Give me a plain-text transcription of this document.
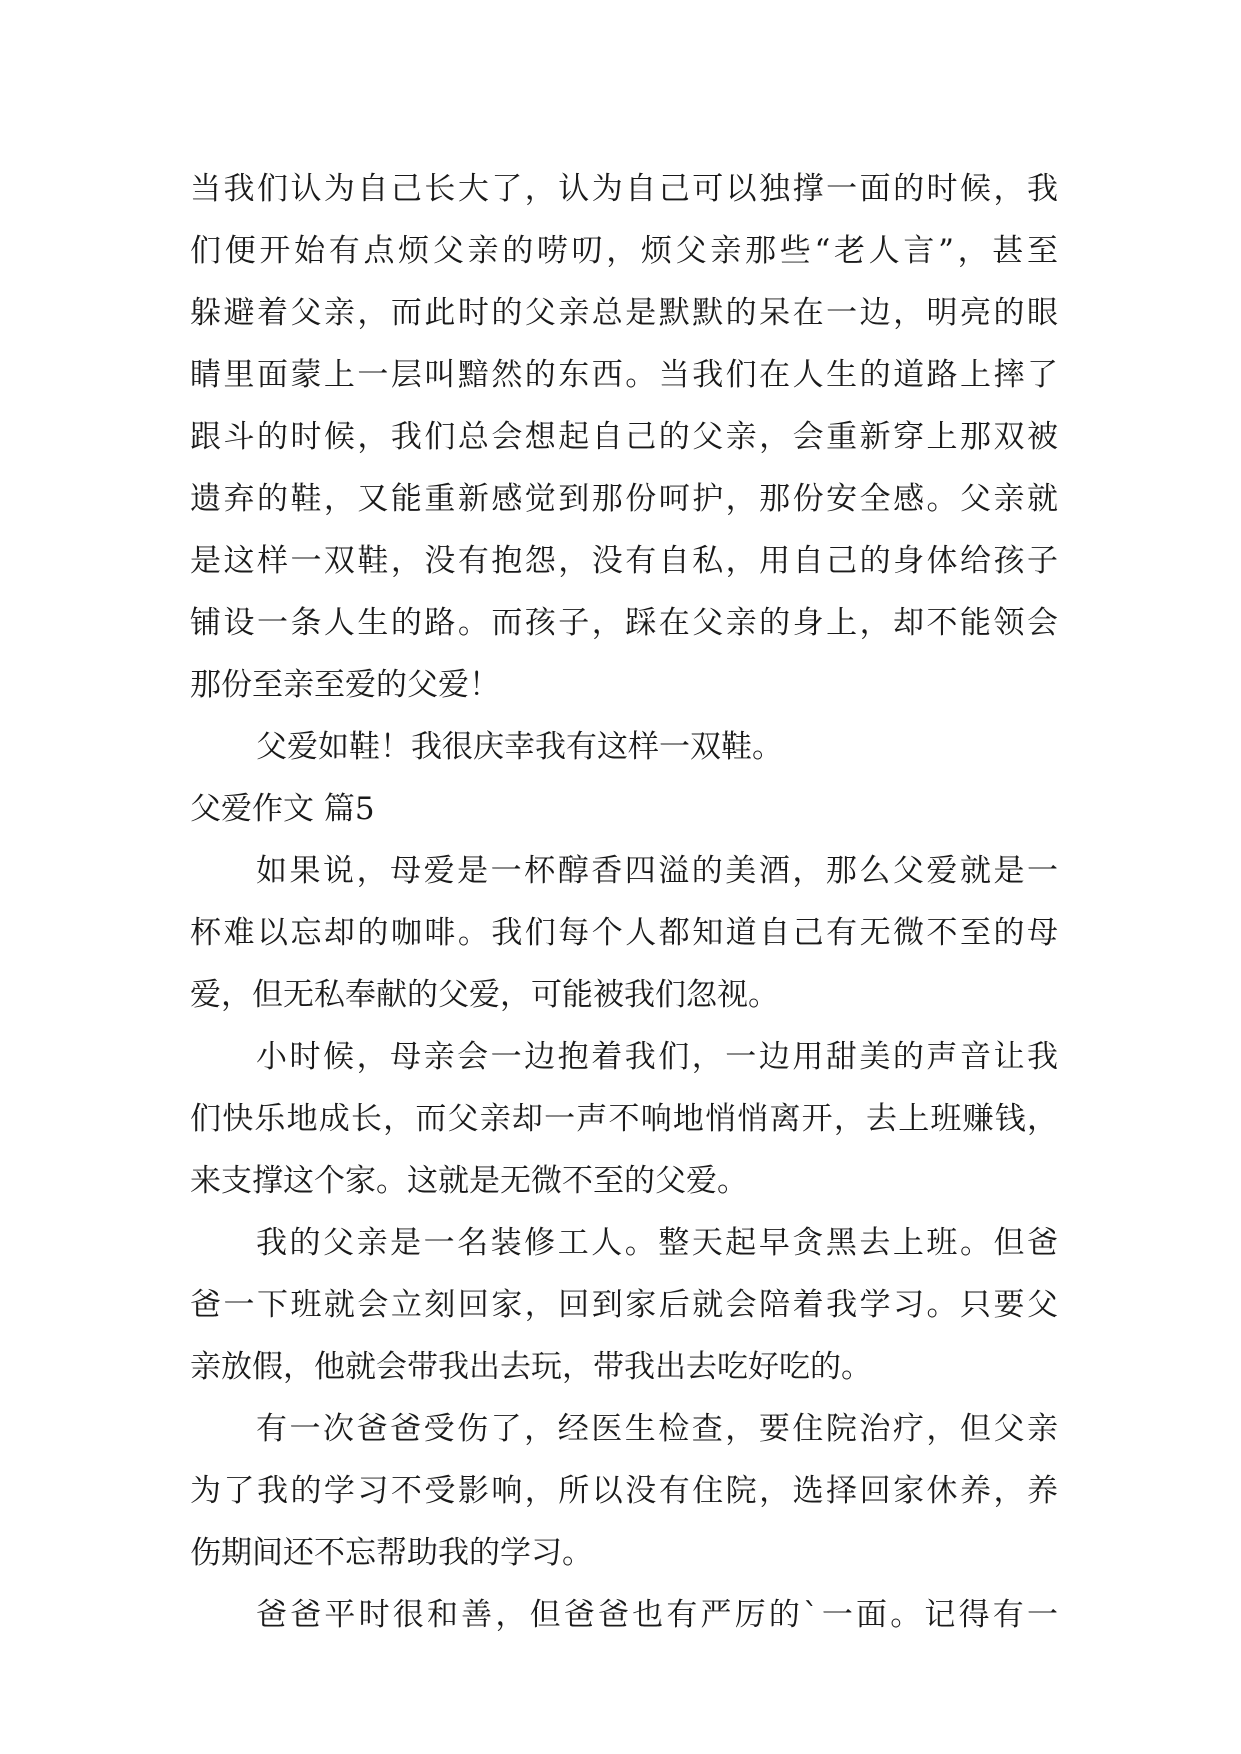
当我们认为自己长大了，认为自己可以独撑一面的时候，我
们便开始有点烦父亲的唠叨，烦父亲那些“老人言”，甚至
躲避着父亲，而此时的父亲总是默默的呆在一边，明亮的眼
睛里面蒙上一层叫黯然的东西。当我们在人生的道路上摔了
跟斗的时候，我们总会想起自己的父亲，会重新穿上那双被
遗弃的鞋，又能重新感觉到那份呵护，那份安全感。父亲就
是这样一双鞋，没有抱怨，没有自私，用自己的身体给孩子
铺设一条人生的路。而孩子，踩在父亲的身上，却不能领会
那份至亲至爱的父爱！
父爱如鞋！我很庆幸我有这样一双鞋。
父爱作文 篇5
如果说，母爱是一杯醇香四溢的美酒，那么父爱就是一
杯难以忘却的咖啡。我们每个人都知道自己有无微不至的母
爱，但无私奉献的父爱，可能被我们忽视。
小时候，母亲会一边抱着我们，一边用甜美的声音让我
们快乐地成长，而父亲却一声不响地悄悄离开，去上班赚钱，
来支撑这个家。这就是无微不至的父爱。
我的父亲是一名装修工人。整天起早贪黑去上班。但爸
爸一下班就会立刻回家，回到家后就会陪着我学习。只要父
亲放假，他就会带我出去玩，带我出去吃好吃的。
有一次爸爸受伤了，经医生检查，要住院治疗，但父亲
为了我的学习不受影响，所以没有住院，选择回家休养，养
伤期间还不忘帮助我的学习。
爸爸平时很和善，但爸爸也有严厉的`一面。记得有一
